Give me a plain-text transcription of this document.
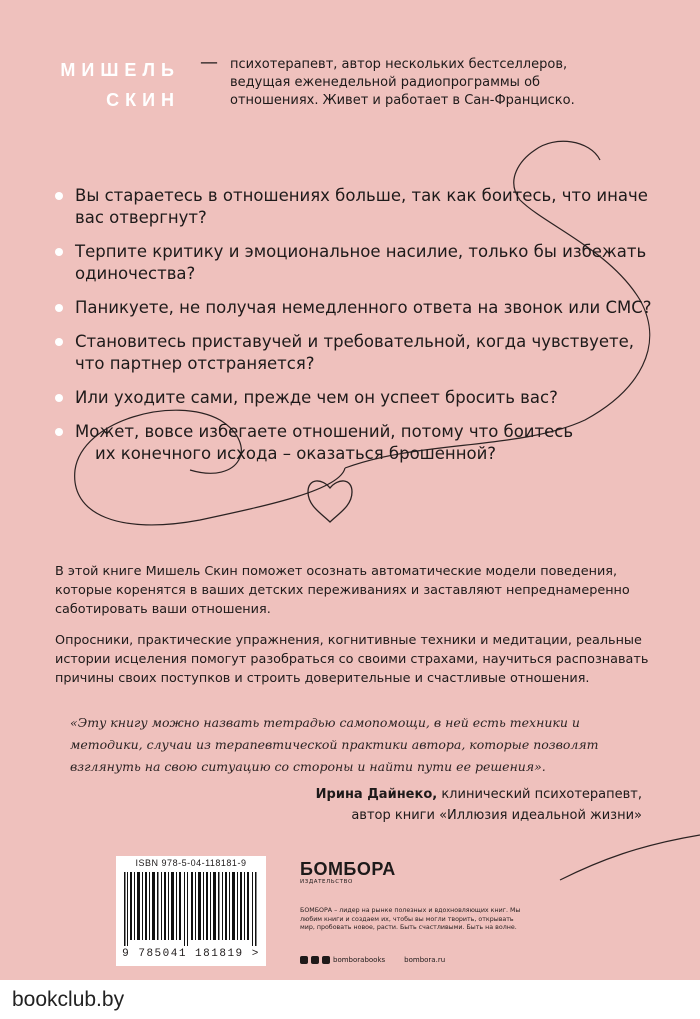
МИШЕЛЬ
СКИН
— психотерапевт, автор нескольких бестселлеров, ведущая еженедельной радиопрограммы об отношениях. Живет и работает в Сан-Франциско.
Вы стараетесь в отношениях больше, так как боитесь, что иначе
вас отвергнут?
Терпите критику и эмоциональное насилие, только бы избежать
одиночества?
Паникуете, не получая немедленного ответа на звонок или СМС?
Становитесь приставучей и требовательной, когда чувствуете,
что партнер отстраняется?
Или уходите сами, прежде чем он успеет бросить вас?
Может, вовсе избегаете отношений, потому что боитесь
их конечного исхода – оказаться брошенной?

В этой книге Мишель Скин поможет осознать автоматические модели поведения, которые коренятся в ваших детских переживаниях и заставляют непреднамеренно саботировать ваши отношения.

Опросники, практические упражнения, когнитивные техники и медитации, реальные истории исцеления помогут разобраться со своими страхами, научиться распознавать причины своих поступков и строить доверительные и счастливые отношения.

«Эту книгу можно назвать тетрадью самопомощи, в ней есть техники и методики, случаи из терапевтической практики автора, которые позволят взглянуть на свою ситуацию со стороны и найти пути ее решения».
Ирина Дайнеко, клинический психотерапевт,
автор книги «Иллюзия идеальной жизни»
ISBN 978-5-04-118181-9
9 785041 181819 >
БОМБОРА
ИЗДАТЕЛЬСТВО
БОМБОРА – лидер на рынке полезных и вдохновляющих книг. Мы любим книги и создаем их, чтобы вы могли творить, открывать мир, пробовать новое, расти. Быть счастливыми. Быть на волне.
bomborabooks	bombora.ru
bookclub.by
